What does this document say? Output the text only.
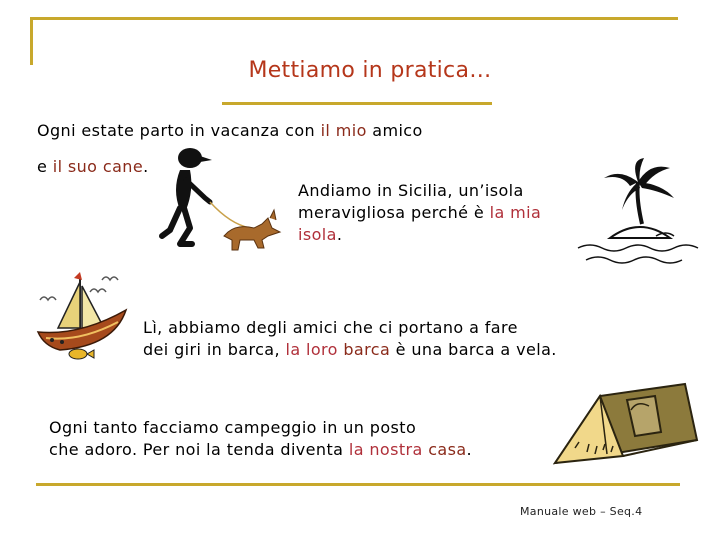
Mettiamo in pratica…
Ogni estate parto in vacanza con il mio amico
e il suo cane.
Andiamo in Sicilia, un’isola
meravigliosa perché è la mia
isola.
Lì, abbiamo degli amici che ci portano a fare
dei giri in barca, la loro barca è una barca a vela.
Ogni tanto facciamo campeggio in un posto
che adoro. Per noi la tenda diventa la nostra casa.
Manuale web – Seq.4
